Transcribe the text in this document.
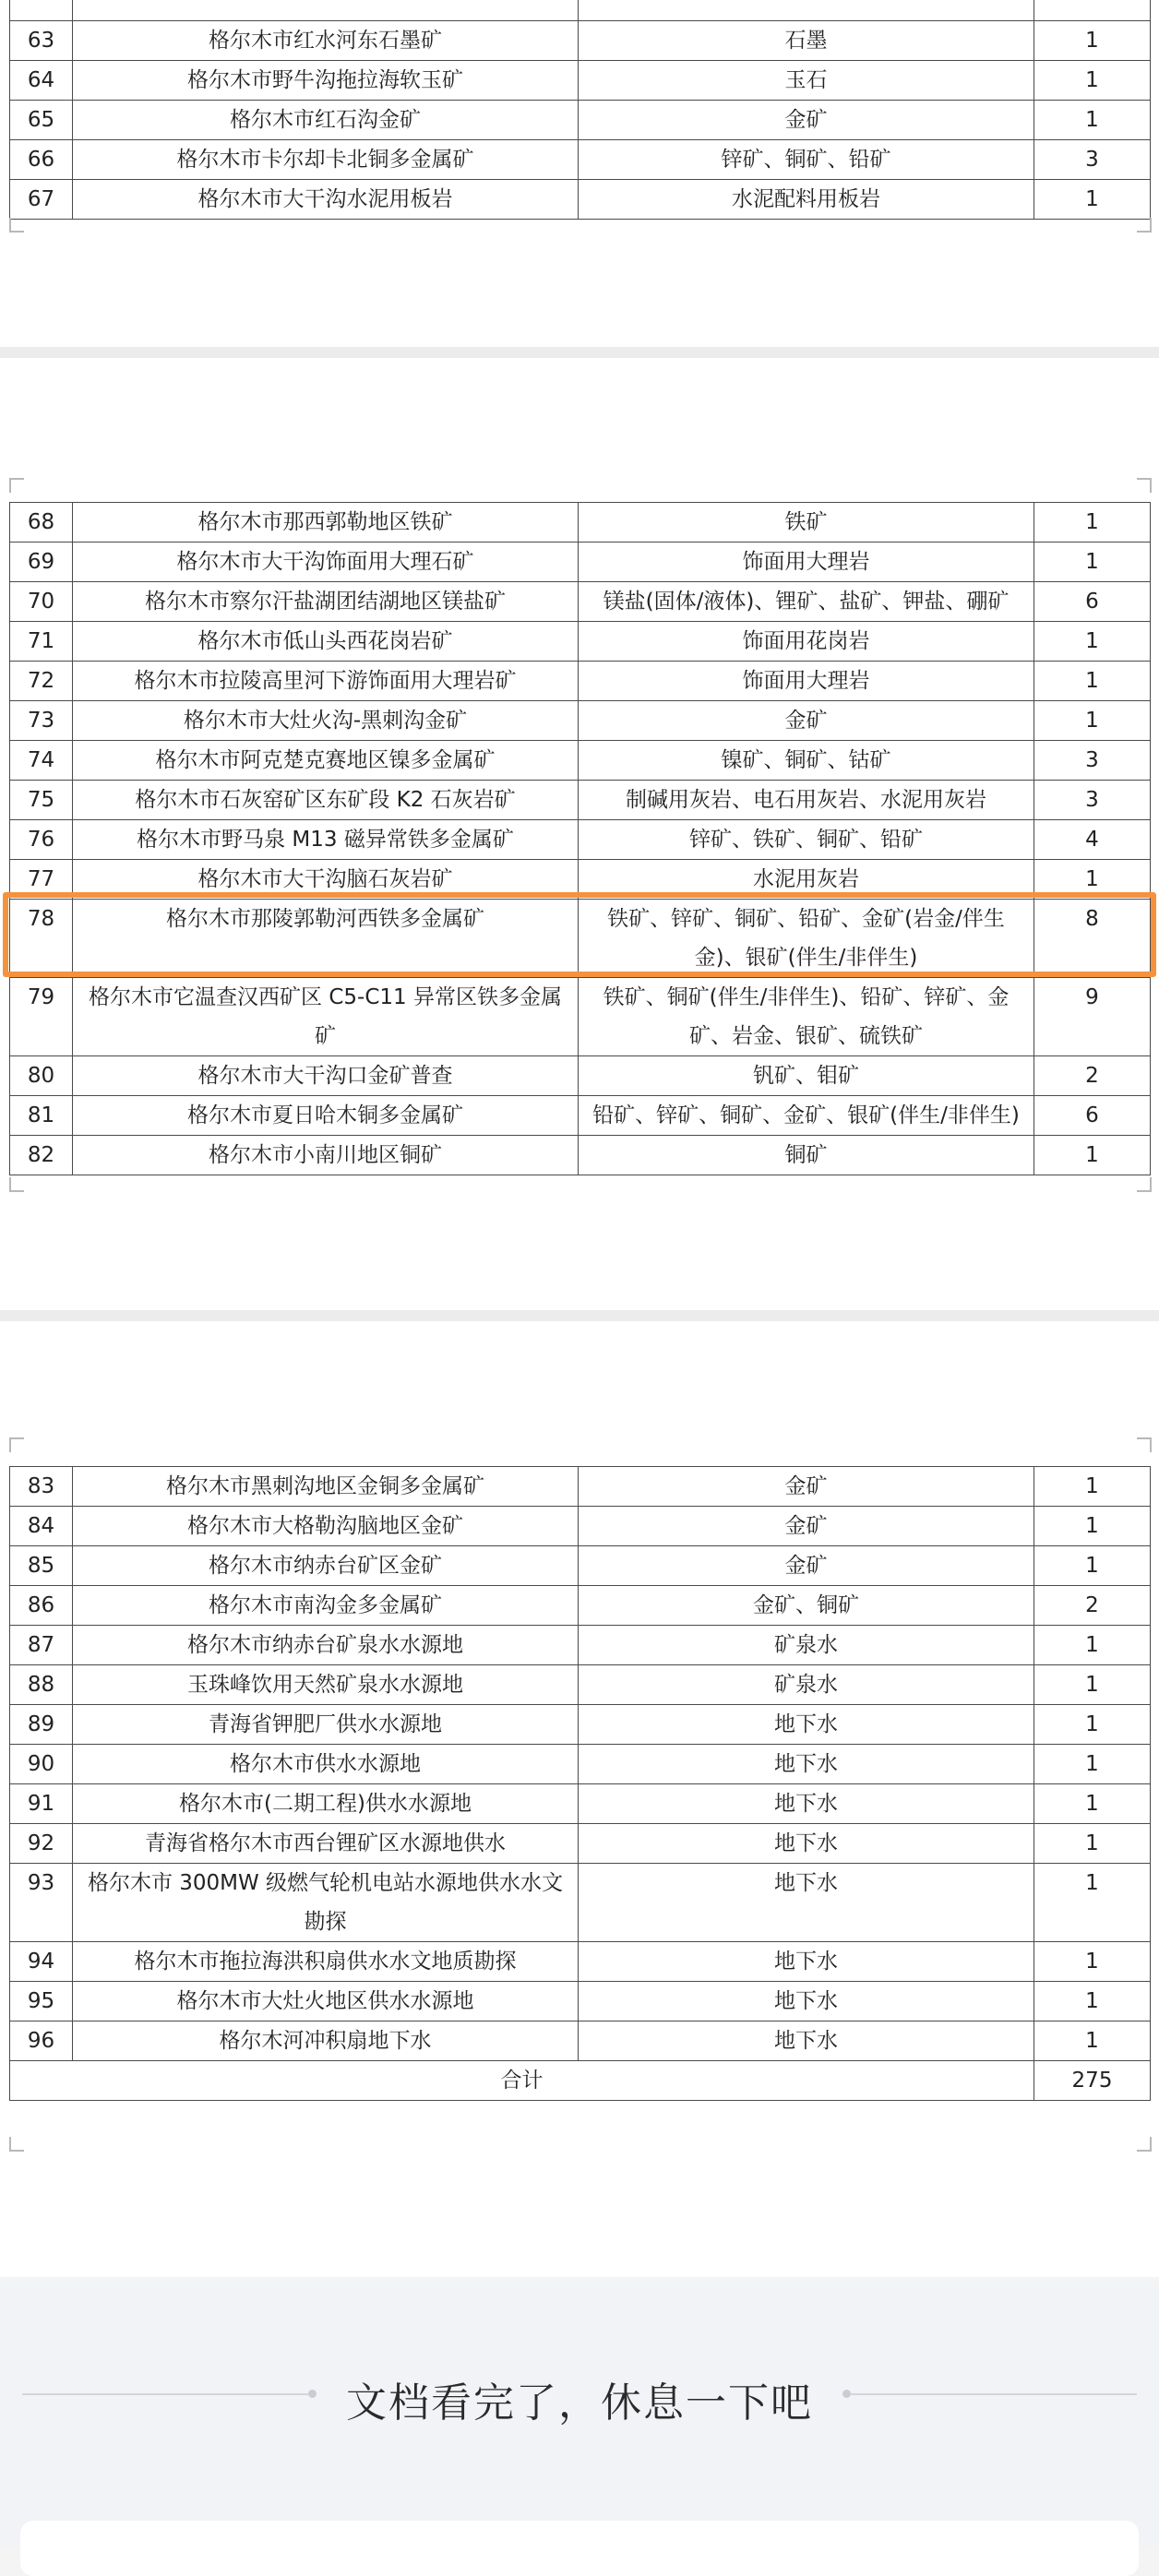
63	格尔木市红水河东石墨矿	石墨	1
64	格尔木市野牛沟拖拉海软玉矿	玉石	1
65	格尔木市红石沟金矿	金矿	1
66	格尔木市卡尔却卡北铜多金属矿	锌矿、铜矿、铅矿	3
67	格尔木市大干沟水泥用板岩	水泥配料用板岩	1
68	格尔木市那西郭勒地区铁矿	铁矿	1
69	格尔木市大干沟饰面用大理石矿	饰面用大理岩	1
70	格尔木市察尔汗盐湖团结湖地区镁盐矿	镁盐(固体/液体)、锂矿、盐矿、钾盐、硼矿	6
71	格尔木市低山头西花岗岩矿	饰面用花岗岩	1
72	格尔木市拉陵高里河下游饰面用大理岩矿	饰面用大理岩	1
73	格尔木市大灶火沟-黑刺沟金矿	金矿	1
74	格尔木市阿克楚克赛地区镍多金属矿	镍矿、铜矿、钴矿	3
75	格尔木市石灰窑矿区东矿段 K2 石灰岩矿	制碱用灰岩、电石用灰岩、水泥用灰岩	3
76	格尔木市野马泉 M13 磁异常铁多金属矿	锌矿、铁矿、铜矿、铅矿	4
77	格尔木市大干沟脑石灰岩矿	水泥用灰岩	1
78	格尔木市那陵郭勒河西铁多金属矿	铁矿、锌矿、铜矿、铅矿、金矿(岩金/伴生金)、银矿(伴生/非伴生)	8
79	格尔木市它温查汉西矿区 C5-C11 异常区铁多金属矿	铁矿、铜矿(伴生/非伴生)、铅矿、锌矿、金矿、岩金、银矿、硫铁矿	9
80	格尔木市大干沟口金矿普查	钒矿、钼矿	2
81	格尔木市夏日哈木铜多金属矿	铅矿、锌矿、铜矿、金矿、银矿(伴生/非伴生)	6
82	格尔木市小南川地区铜矿	铜矿	1
83	格尔木市黑刺沟地区金铜多金属矿	金矿	1
84	格尔木市大格勒沟脑地区金矿	金矿	1
85	格尔木市纳赤台矿区金矿	金矿	1
86	格尔木市南沟金多金属矿	金矿、铜矿	2
87	格尔木市纳赤台矿泉水水源地	矿泉水	1
88	玉珠峰饮用天然矿泉水水源地	矿泉水	1
89	青海省钾肥厂供水水源地	地下水	1
90	格尔木市供水水源地	地下水	1
91	格尔木市(二期工程)供水水源地	地下水	1
92	青海省格尔木市西台锂矿区水源地供水	地下水	1
93	格尔木市 300MW 级燃气轮机电站水源地供水水文勘探	地下水	1
94	格尔木市拖拉海洪积扇供水水文地质勘探	地下水	1
95	格尔木市大灶火地区供水水源地	地下水	1
96	格尔木河冲积扇地下水	地下水	1
合计			275
文档看完了，休息一下吧
